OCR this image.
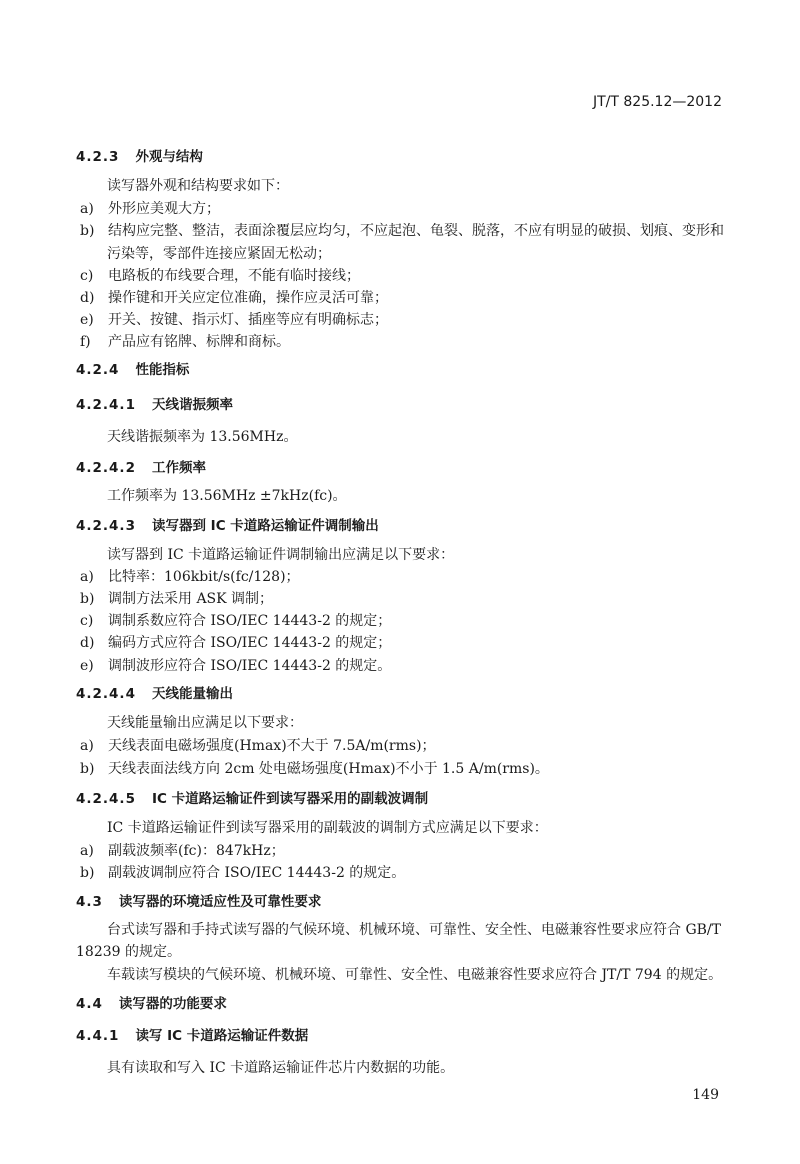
JT/T 825.12—2012
4.2.3 外观与结构
读写器外观和结构要求如下：
a) 外形应美观大方；
b) 结构应完整、整洁，表面涂覆层应均匀，不应起泡、龟裂、脱落，不应有明显的破损、划痕、变形和
污染等，零部件连接应紧固无松动；
c) 电路板的布线要合理，不能有临时接线；
d) 操作键和开关应定位准确，操作应灵活可靠；
e) 开关、按键、指示灯、插座等应有明确标志；
f) 产品应有铭牌、标牌和商标。
4.2.4 性能指标
4.2.4.1 天线谐振频率
天线谐振频率为 13.56MHz。
4.2.4.2 工作频率
工作频率为 13.56MHz ±7kHz(fc)。
4.2.4.3 读写器到 IC 卡道路运输证件调制输出
读写器到 IC 卡道路运输证件调制输出应满足以下要求：
a) 比特率：106kbit/s(fc/128)；
b) 调制方法采用 ASK 调制；
c) 调制系数应符合 ISO/IEC 14443-2 的规定；
d) 编码方式应符合 ISO/IEC 14443-2 的规定；
e) 调制波形应符合 ISO/IEC 14443-2 的规定。
4.2.4.4 天线能量输出
天线能量输出应满足以下要求：
a) 天线表面电磁场强度(Hmax)不大于 7.5A/m(rms)；
b) 天线表面法线方向 2cm 处电磁场强度(Hmax)不小于 1.5 A/m(rms)。
4.2.4.5 IC 卡道路运输证件到读写器采用的副载波调制
IC 卡道路运输证件到读写器采用的副载波的调制方式应满足以下要求：
a) 副载波频率(fc)：847kHz；
b) 副载波调制应符合 ISO/IEC 14443-2 的规定。
4.3 读写器的环境适应性及可靠性要求
台式读写器和手持式读写器的气候环境、机械环境、可靠性、安全性、电磁兼容性要求应符合 GB/T
18239 的规定。
车载读写模块的气候环境、机械环境、可靠性、安全性、电磁兼容性要求应符合 JT/T 794 的规定。
4.4 读写器的功能要求
4.4.1 读写 IC 卡道路运输证件数据
具有读取和写入 IC 卡道路运输证件芯片内数据的功能。
149
